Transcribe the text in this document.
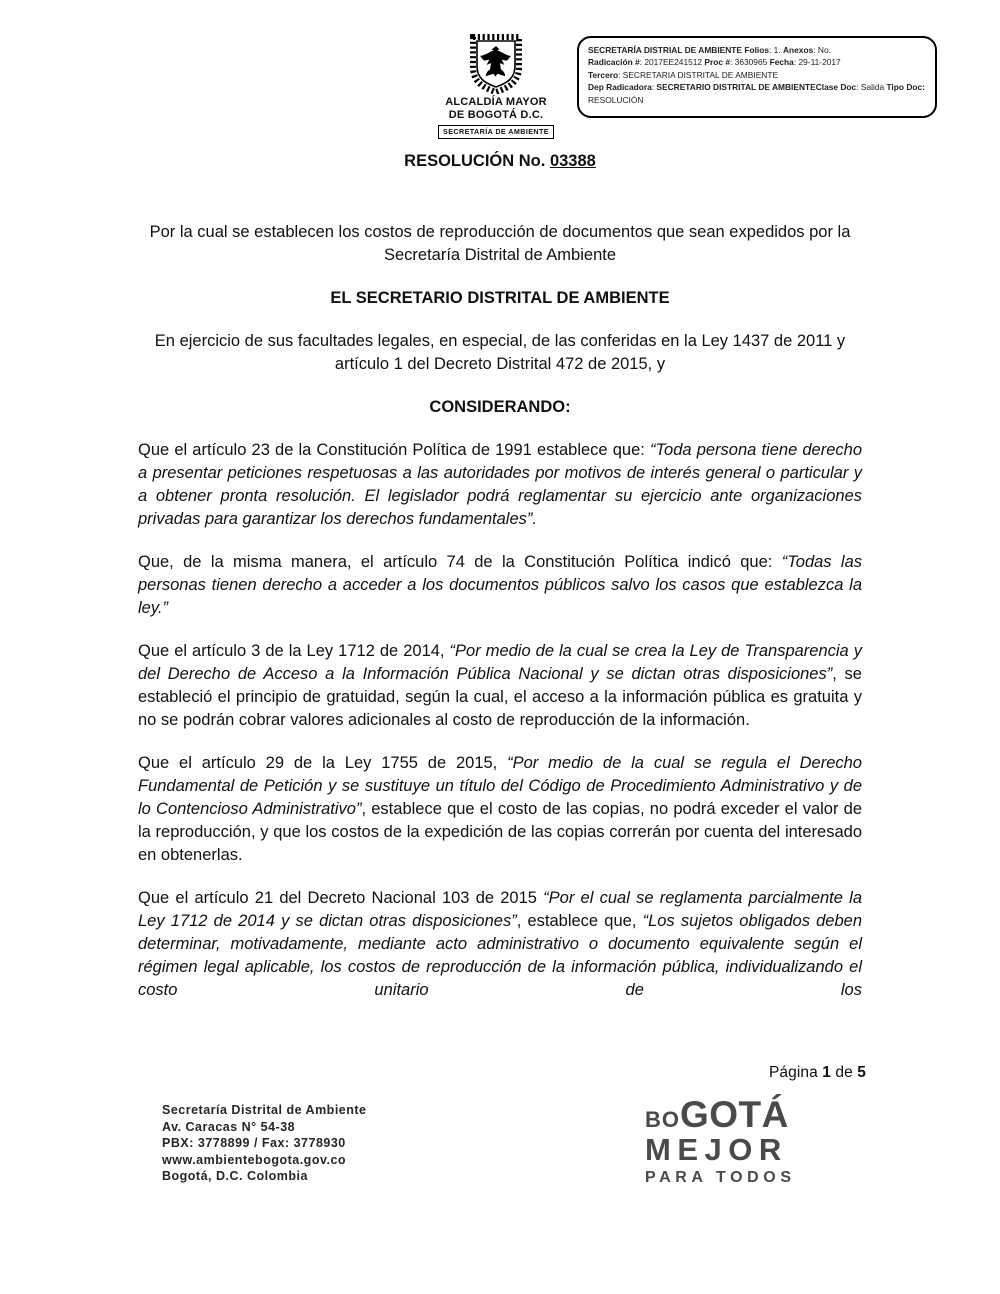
ALCALDÍA MAYOR
DE BOGOTÁ D.C.
SECRETARÍA DE AMBIENTE
SECRETARÍA DISTRIAL DE AMBIENTE Folios: 1. Anexos: No.
Radicación #: 2017EE241512 Proc #: 3630965 Fecha: 29-11-2017
Tercero: SECRETARIA DISTRITAL DE AMBIENTE
Dep Radicadora: SECRETARIO DISTRITAL DE AMBIENTEClase Doc: Salida Tipo Doc: RESOLUCIÓN
RESOLUCIÓN No. 03388
Por la cual se establecen los costos de reproducción de documentos que sean expedidos por la Secretaría Distrital de Ambiente
EL SECRETARIO DISTRITAL DE AMBIENTE
En ejercicio de sus facultades legales, en especial, de las conferidas en la Ley 1437 de 2011 y artículo 1 del Decreto Distrital 472 de 2015, y
CONSIDERANDO:
Que el artículo 23 de la Constitución Política de 1991 establece que: “Toda persona tiene derecho a presentar peticiones respetuosas a las autoridades por motivos de interés general o particular y a obtener pronta resolución. El legislador podrá reglamentar su ejercicio ante organizaciones privadas para garantizar los derechos fundamentales”.
Que, de la misma manera, el artículo 74 de la Constitución Política indicó que: “Todas las personas tienen derecho a acceder a los documentos públicos salvo los casos que establezca la ley.”
Que el artículo 3 de la Ley 1712 de 2014, “Por medio de la cual se crea la Ley de Transparencia y del Derecho de Acceso a la Información Pública Nacional y se dictan otras disposiciones”, se estableció el principio de gratuidad, según la cual, el acceso a la información pública es gratuita y no se podrán cobrar valores adicionales al costo de reproducción de la información.
Que el artículo 29 de la Ley 1755 de 2015, “Por medio de la cual se regula el Derecho Fundamental de Petición y se sustituye un título del Código de Procedimiento Administrativo y de lo Contencioso Administrativo”, establece que el costo de las copias, no podrá exceder el valor de la reproducción, y que los costos de la expedición de las copias correrán por cuenta del interesado en obtenerlas.
Que el artículo 21 del Decreto Nacional 103 de 2015 “Por el cual se reglamenta parcialmente la Ley 1712 de 2014 y se dictan otras disposiciones”, establece que, “Los sujetos obligados deben determinar, motivadamente, mediante acto administrativo o documento equivalente según el régimen legal aplicable, los costos de reproducción de la información pública, individualizando el costo unitario de los
Página 1 de 5
Secretaría Distrital de Ambiente
Av. Caracas N° 54-38
PBX: 3778899 / Fax: 3778930
www.ambientebogota.gov.co
Bogotá, D.C. Colombia
BO GOTÁ
MEJOR
PARA TODOS
